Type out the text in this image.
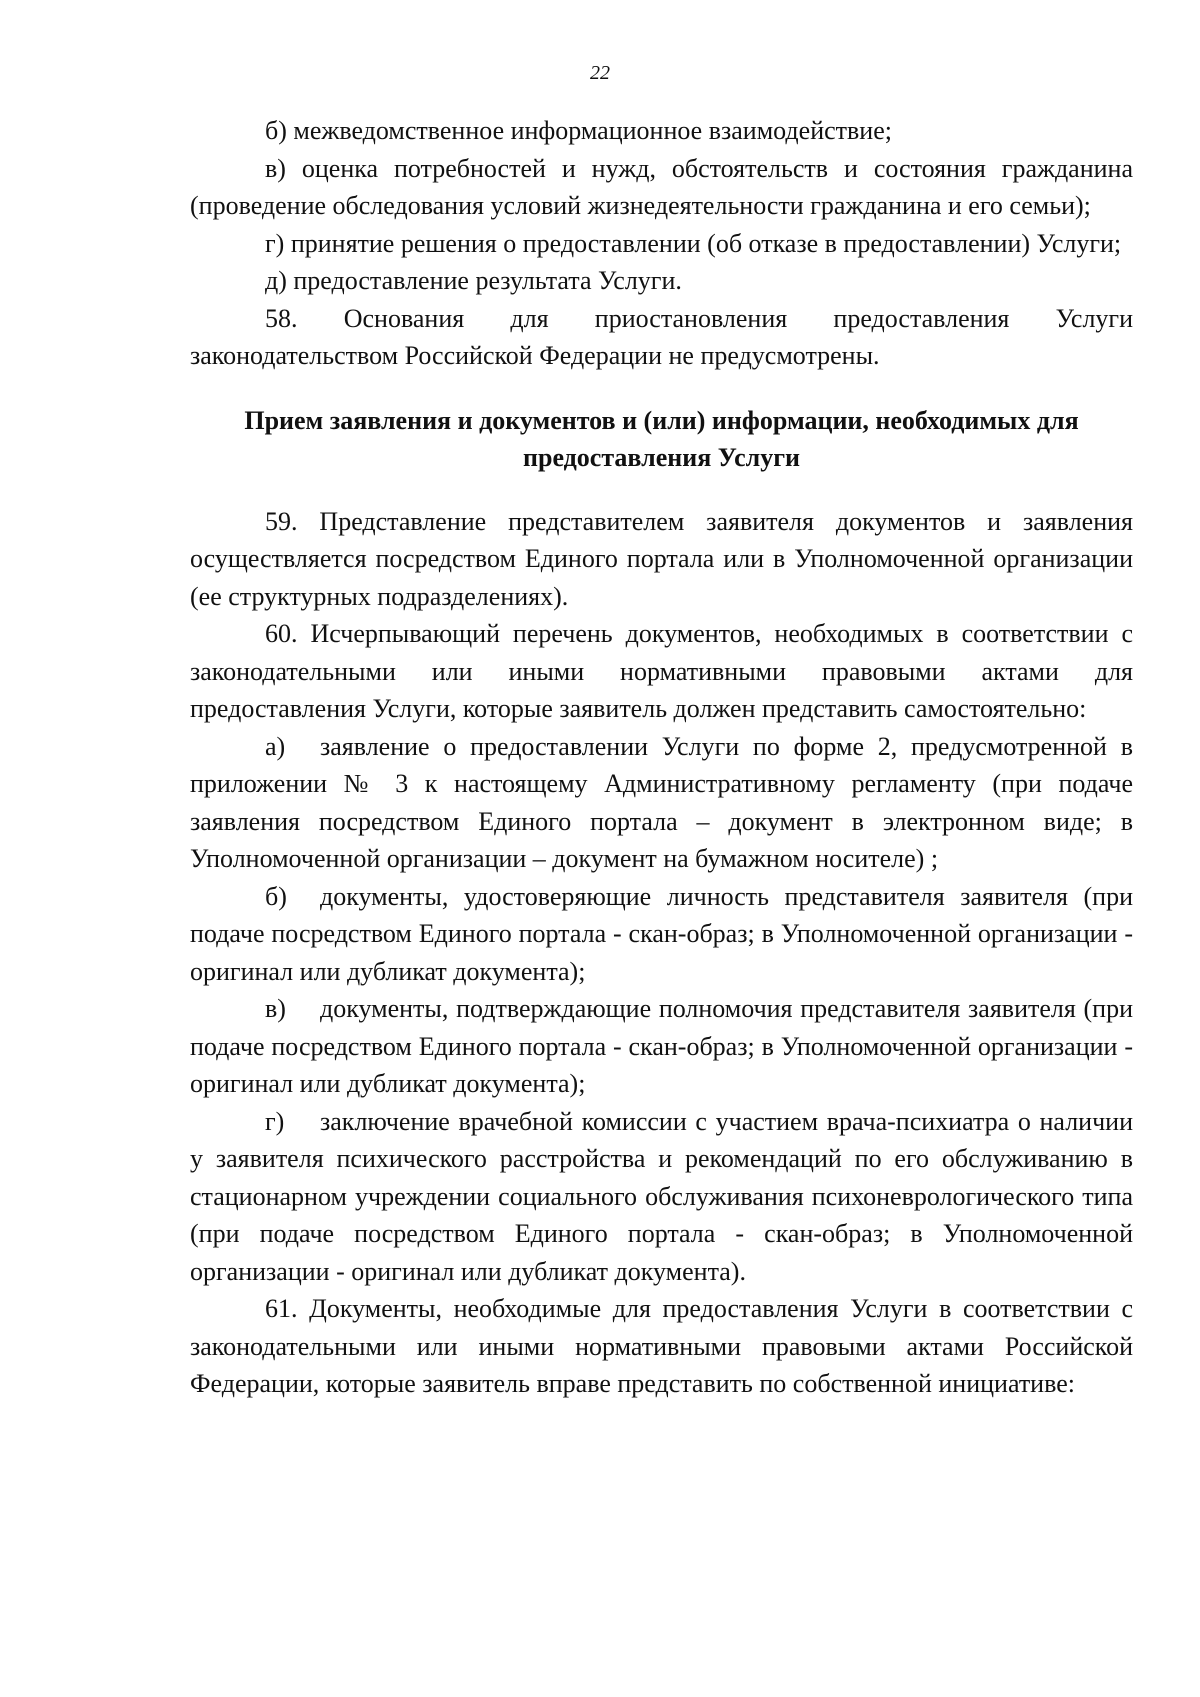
22

б) межведомственное информационное взаимодействие;

в) оценка потребностей и нужд, обстоятельств и состояния гражданина (проведение обследования условий жизнедеятельности гражданина и его семьи);

г) принятие решения о предоставлении (об отказе в предоставлении) Услуги;

д) предоставление результата Услуги.

58. Основания для приостановления предоставления Услуги законодательством Российской Федерации не предусмотрены.

Прием заявления и документов и (или) информации, необходимых для предоставления Услуги

59. Представление представителем заявителя документов и заявления осуществляется посредством Единого портала или в Уполномоченной организации (ее структурных подразделениях).

60. Исчерпывающий перечень документов, необходимых в соответствии с законодательными или иными нормативными правовыми актами для предоставления Услуги, которые заявитель должен представить самостоятельно:

а) заявление о предоставлении Услуги по форме 2, предусмотренной в приложении № 3 к настоящему Административному регламенту (при подаче заявления посредством Единого портала – документ в электронном виде; в Уполномоченной организации – документ на бумажном носителе) ;

б) документы, удостоверяющие личность представителя заявителя (при подаче посредством Единого портала - скан-образ; в Уполномоченной организации - оригинал или дубликат документа);

в) документы, подтверждающие полномочия представителя заявителя (при подаче посредством Единого портала - скан-образ; в Уполномоченной организации - оригинал или дубликат документа);

г) заключение врачебной комиссии с участием врача-психиатра о наличии у заявителя психического расстройства и рекомендаций по его обслуживанию в стационарном учреждении социального обслуживания психоневрологического типа (при подаче посредством Единого портала - скан-образ; в Уполномоченной организации - оригинал или дубликат документа).

61. Документы, необходимые для предоставления Услуги в соответствии с законодательными или иными нормативными правовыми актами Российской Федерации, которые заявитель вправе представить по собственной инициативе:
